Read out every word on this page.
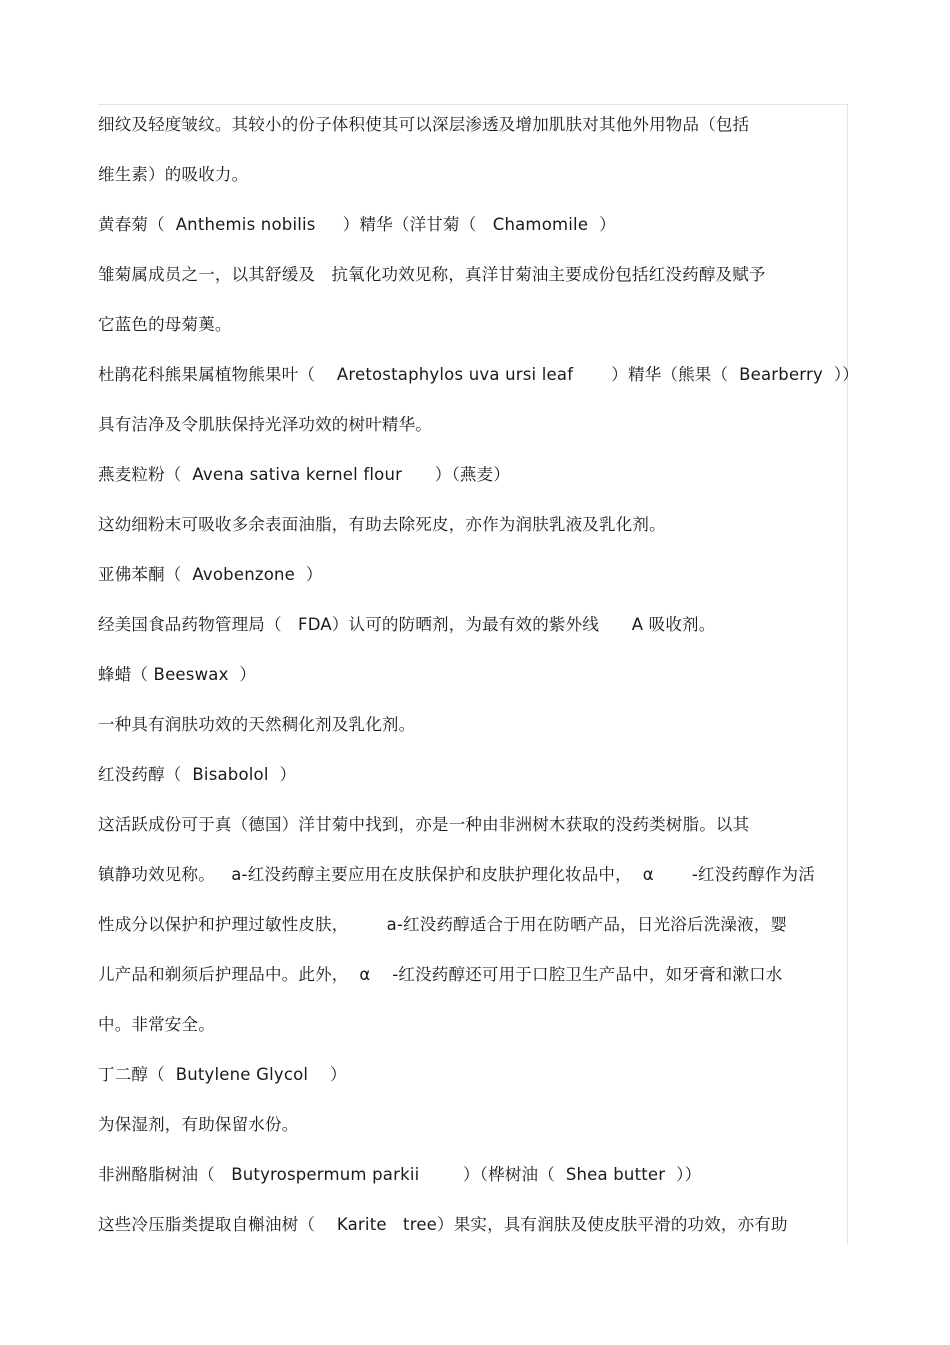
细纹及轻度皱纹。其较小的份子体积使其可以深层渗透及增加肌肤对其他外用物品（包括
维生素）的吸收力。
黄春菊（  Anthemis nobilis     ）精华（洋甘菊（   Chamomile  ）
雏菊属成员之一，以其舒缓及   抗氧化功效见称，真洋甘菊油主要成份包括红没药醇及赋予
它蓝色的母菊薁。
杜鹃花科熊果属植物熊果叶（    Aretostaphylos uva ursi leaf       ）精华（熊果（  Bearberry  ））
具有洁净及令肌肤保持光泽功效的树叶精华。
燕麦粒粉（  Avena sativa kernel flour      ）（燕麦）
这幼细粉末可吸收多余表面油脂，有助去除死皮，亦作为润肤乳液及乳化剂。
亚佛苯酮（  Avobenzone  ）
经美国食品药物管理局（   FDA）认可的防晒剂，为最有效的紫外线      A 吸收剂。
蜂蜡（ Beeswax  ）
一种具有润肤功效的天然稠化剂及乳化剂。
红没药醇（  Bisabolol  ）
这活跃成份可于真（德国）洋甘菊中找到，亦是一种由非洲树木获取的没药类树脂。以其
镇静功效见称。   a-红没药醇主要应用在皮肤保护和皮肤护理化妆品中，  α       -红没药醇作为活
性成分以保护和护理过敏性皮肤，       a-红没药醇适合于用在防晒产品，日光浴后洗澡液，婴
儿产品和剃须后护理品中。此外，  α    -红没药醇还可用于口腔卫生产品中，如牙膏和漱口水
中。非常安全。
丁二醇（  Butylene Glycol    ）
为保湿剂，有助保留水份。
非洲酪脂树油（   Butyrospermum parkii        ）（桦树油（  Shea butter  ））
这些冷压脂类提取自槲油树（    Karite   tree）果实，具有润肤及使皮肤平滑的功效，亦有助
